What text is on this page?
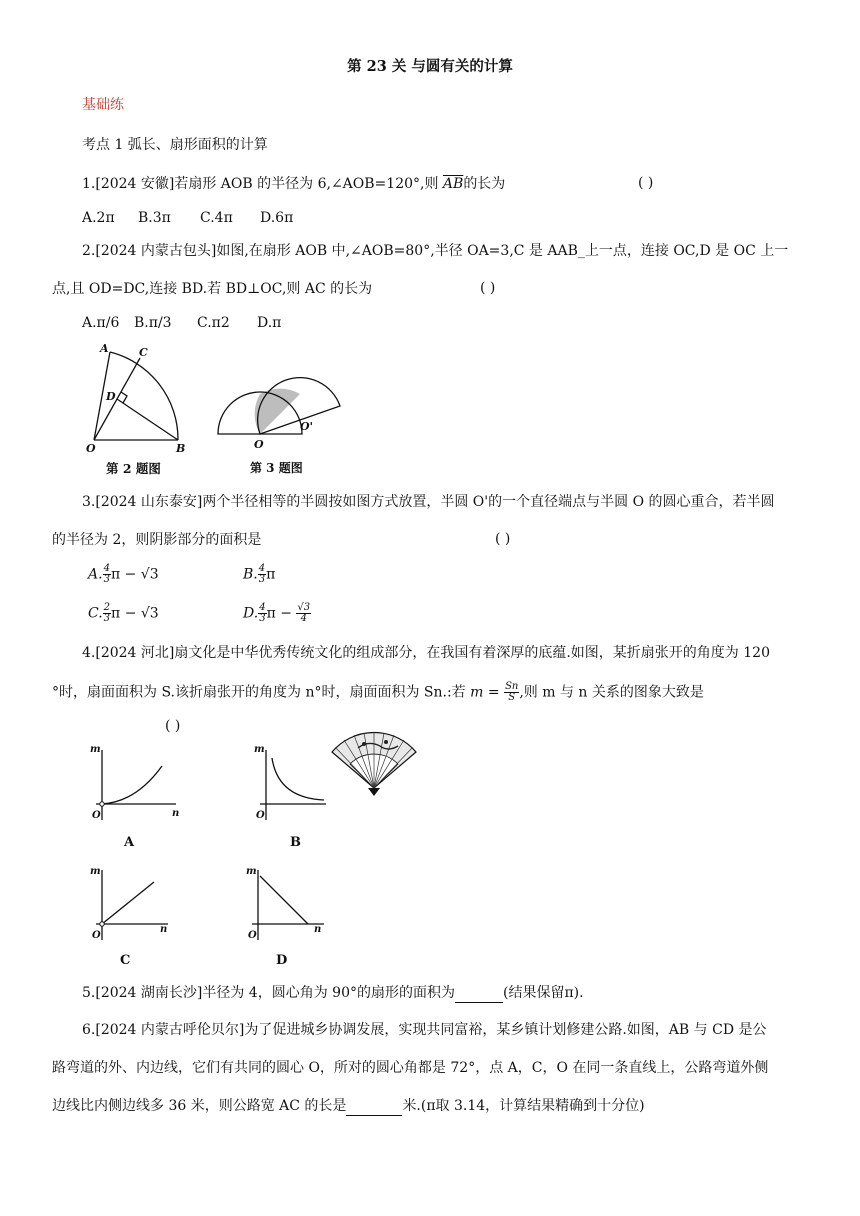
第 23 关 与圆有关的计算
基础练
考点 1 弧长、扇形面积的计算
1.[2024 安徽]若扇形 AOB 的半径为 6,∠AOB=120°,则 $\overline{AB}$的长为	( )
A.2π B.3π C.4π D.6π
2.[2024 内蒙古包头]如图,在扇形 AOB 中,∠AOB=80°,半径 OA=3,C 是 AAB_上一点，连接 OC,D 是 OC 上一
点,且 OD=DC,连接 BD.若 BD⊥OC,则 AC 的长为	( )
A.π/6 B.π/3 C.π2 D.π
A	C
D
O	B
第 2 题图
O
O'
第 3 题图
3.[2024 山东泰安]两个半径相等的半圆按如图方式放置，半圆 O'的一个直径端点与半圆 O 的圆心重合，若半圆
的半径为 2，则阴影部分的面积是	( )
A. $\frac{4}{3}$ π − √3	B. $\frac{4}{3}$ π
C. $\frac{2}{3}$ π − √3	D. $\frac{4}{3}$ $\pi - \frac{√3}{4}$
4.[2024 河北]扇文化是中华优秀传统文化的组成部分，在我国有着深厚的底蕴.如图，某折扇张开的角度为 120
°时，扇面面积为 S.该折扇张开的角度为 n°时，扇面面积为 Sn.:若 $m = \frac{Sn}{S}$ ,则 m 与 n 关系的图象大致是
( )
m
n
O
A
m
O
B
m
n
O
C
m
n
O
D
5.[2024 湖南长沙]半径为 4，圆心角为 90°的扇形的面积为	(结果保留π).
6.[2024 内蒙古呼伦贝尔]为了促进城乡协调发展，实现共同富裕，某乡镇计划修建公路.如图，AB 与 CD 是公
路弯道的外、内边线，它们有共同的圆心 O，所对的圆心角都是 72°，点 A，C，O 在同一条直线上，公路弯道外侧
边线比内侧边线多 36 米，则公路宽 AC 的长是	米.(π取 3.14，计算结果精确到十分位)
